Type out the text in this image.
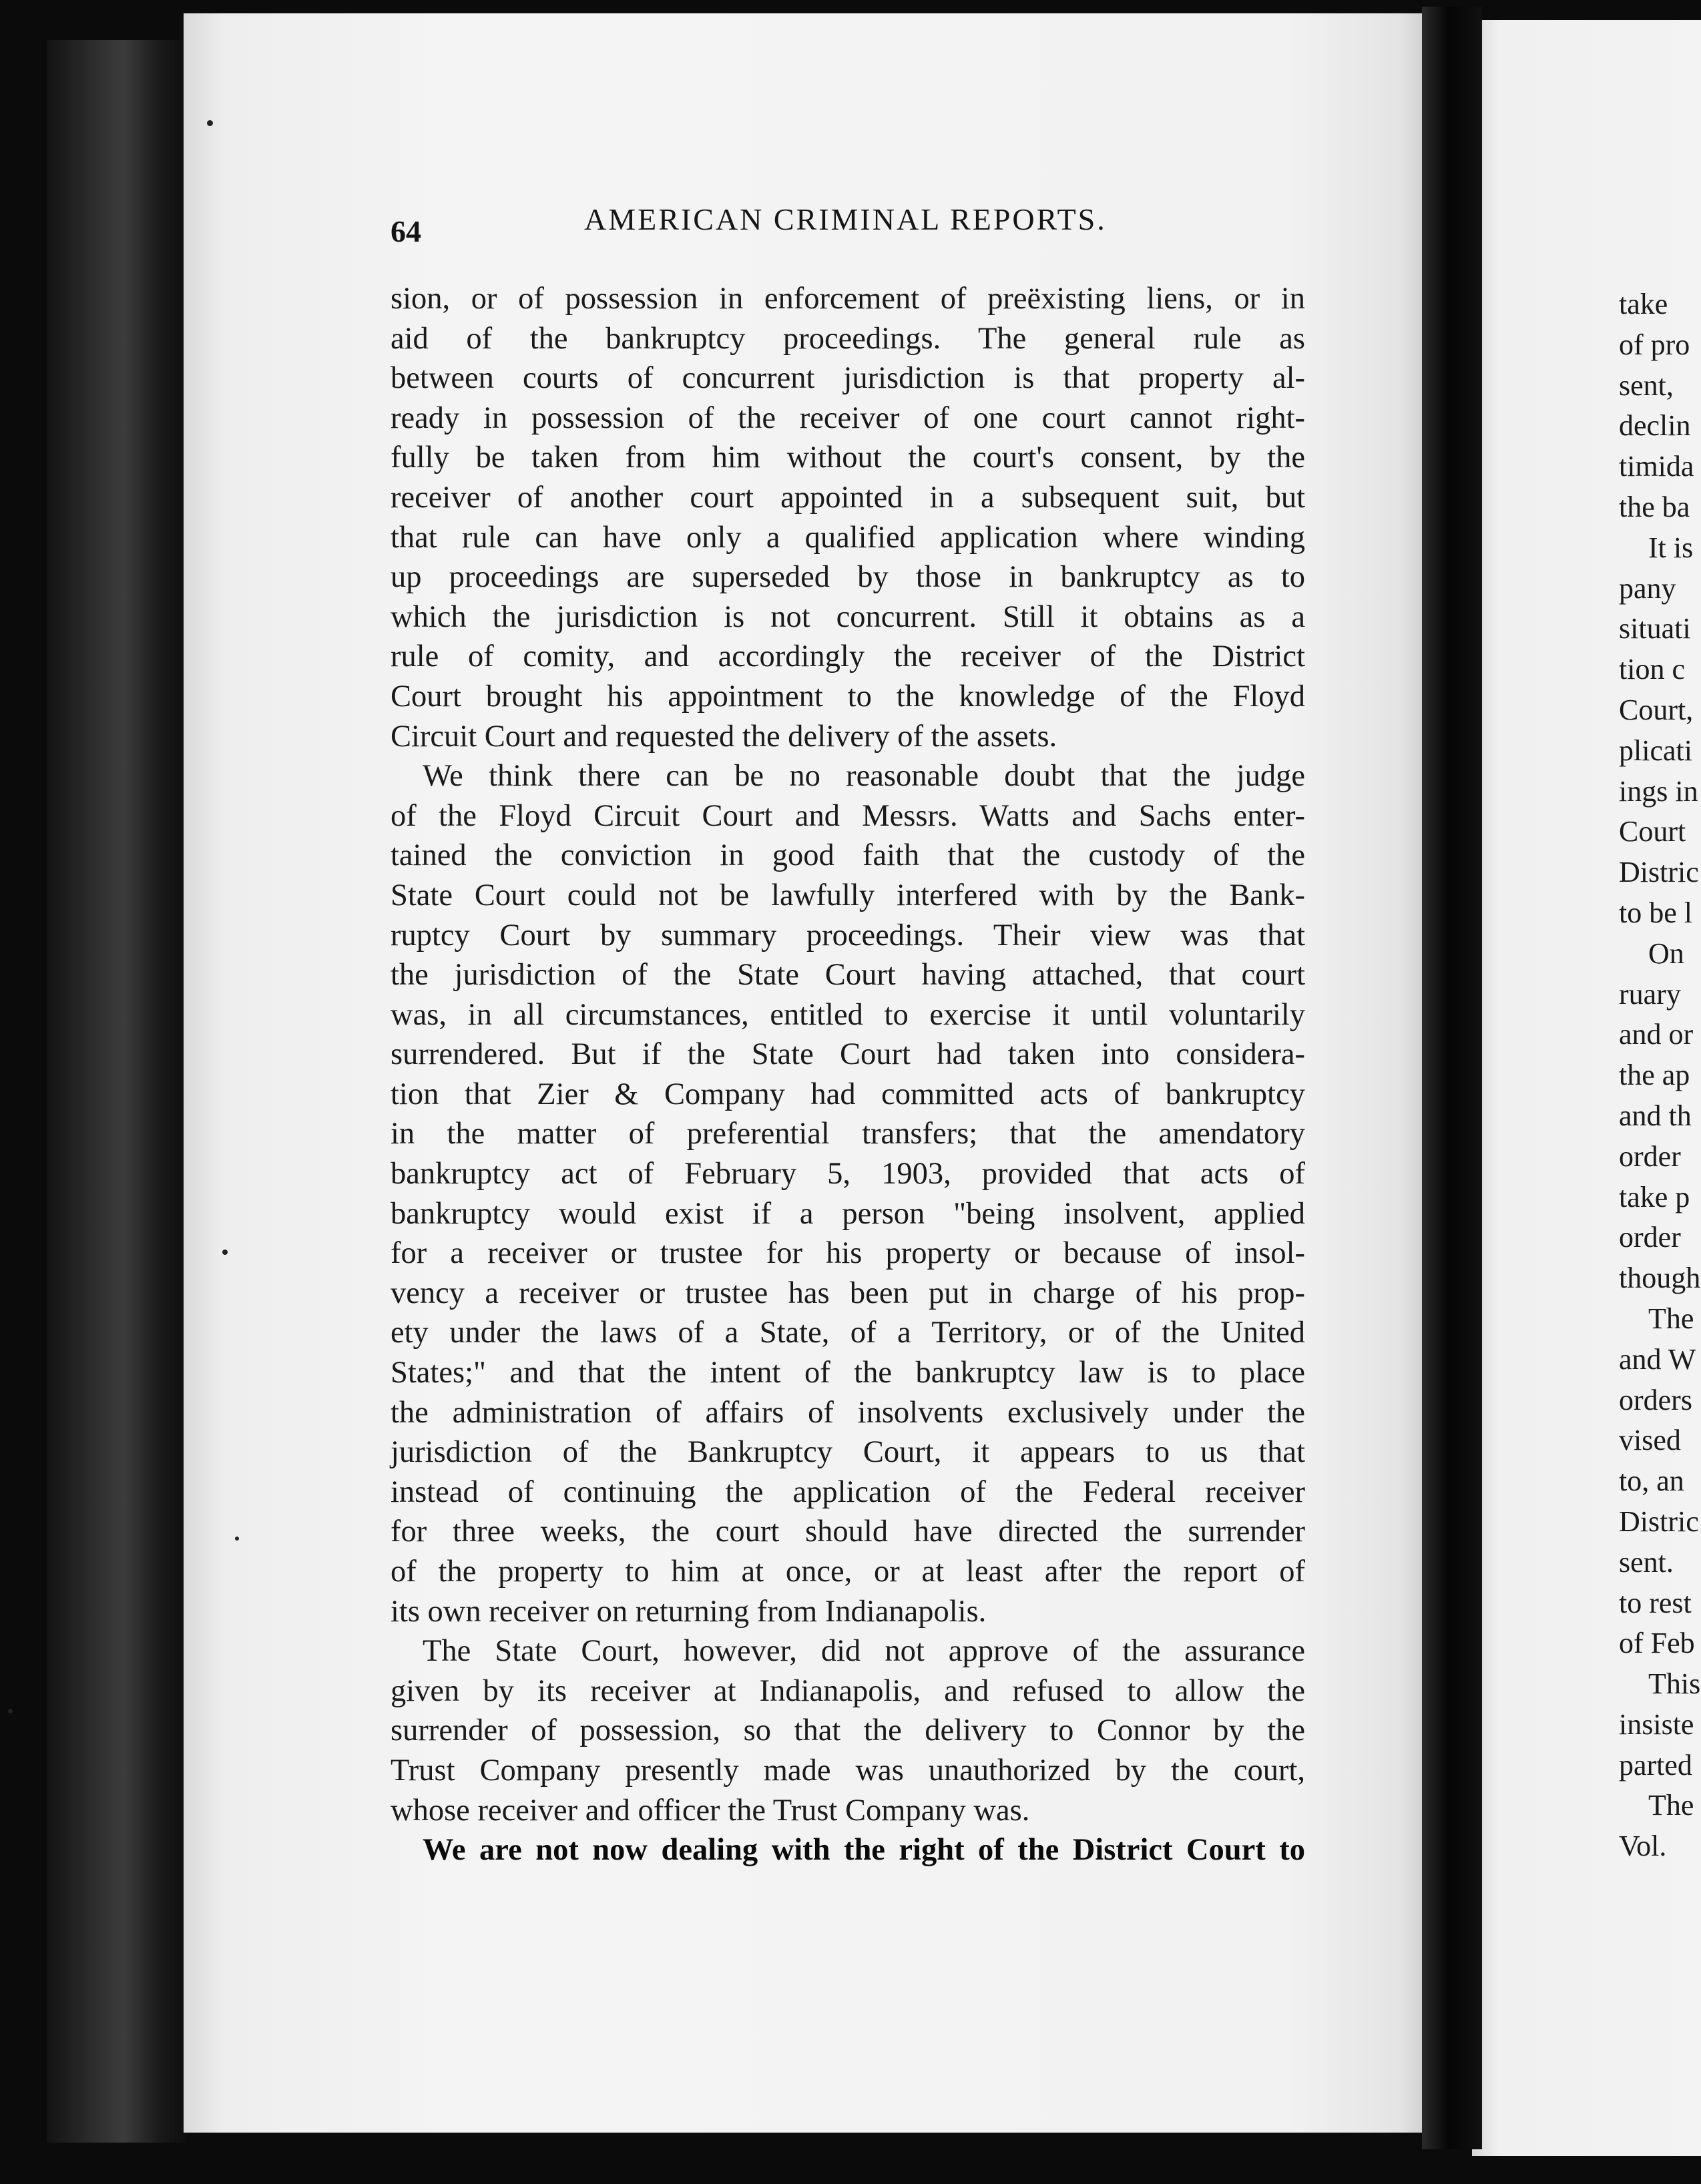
64	AMERICAN CRIMINAL REPORTS.
sion, or of possession in enforcement of preëxisting liens, or in
aid of the bankruptcy proceedings. The general rule as
between courts of concurrent jurisdiction is that property al-
ready in possession of the receiver of one court cannot right-
fully be taken from him without the court's consent, by the
receiver of another court appointed in a subsequent suit, but
that rule can have only a qualified application where winding
up proceedings are superseded by those in bankruptcy as to
which the jurisdiction is not concurrent. Still it obtains as a
rule of comity, and accordingly the receiver of the District
Court brought his appointment to the knowledge of the Floyd
Circuit Court and requested the delivery of the assets.
We think there can be no reasonable doubt that the judge
of the Floyd Circuit Court and Messrs. Watts and Sachs enter-
tained the conviction in good faith that the custody of the
State Court could not be lawfully interfered with by the Bank-
ruptcy Court by summary proceedings. Their view was that
the jurisdiction of the State Court having attached, that court
was, in all circumstances, entitled to exercise it until voluntarily
surrendered. But if the State Court had taken into considera-
tion that Zier & Company had committed acts of bankruptcy
in the matter of preferential transfers; that the amendatory
bankruptcy act of February 5, 1903, provided that acts of
bankruptcy would exist if a person "being insolvent, applied
for a receiver or trustee for his property or because of insol-
vency a receiver or trustee has been put in charge of his prop-
ety under the laws of a State, of a Territory, or of the United
States;" and that the intent of the bankruptcy law is to place
the administration of affairs of insolvents exclusively under the
jurisdiction of the Bankruptcy Court, it appears to us that
instead of continuing the application of the Federal receiver
for three weeks, the court should have directed the surrender
of the property to him at once, or at least after the report of
its own receiver on returning from Indianapolis.
The State Court, however, did not approve of the assurance
given by its receiver at Indianapolis, and refused to allow the
surrender of possession, so that the delivery to Connor by the
Trust Company presently made was unauthorized by the court,
whose receiver and officer the Trust Company was.
We are not now dealing with the right of the District Court to
take
of pro
sent,
declin
timida
the ba
It is
pany
situati
tion c
Court,
plicati
ings in
Court
Distric
to be l
On
ruary
and or
the ap
and th
order
take p
order
though
The
and W
orders
vised
to, an
Distric
sent.
to rest
of Feb
This
insiste
parted
The
Vol.
